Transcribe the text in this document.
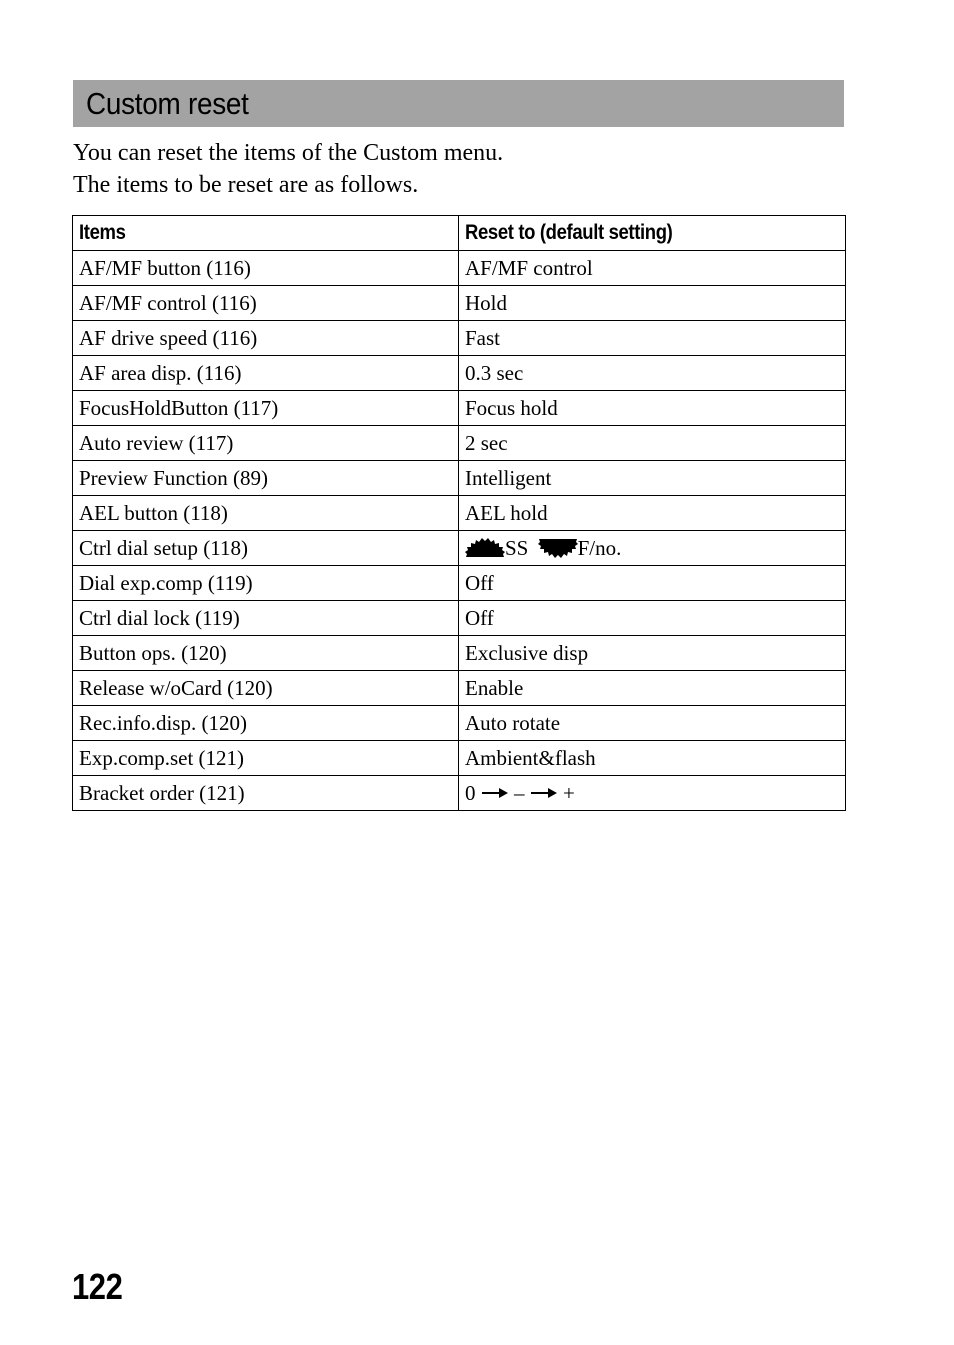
Custom reset

You can reset the items of the Custom menu.

The items to be reset are as follows.

Items	Reset to (default setting)
AF/MF button (116)	AF/MF control
AF/MF control (116)	Hold
AF drive speed (116)	Fast
AF area disp. (116)	0.3 sec
FocusHoldButton (117)	Focus hold
Auto review (117)	2 sec
Preview Function (89)	Intelligent
AEL button (118)	AEL hold
Ctrl dial setup (118)	SS F/no.
Dial exp.comp (119)	Off
Ctrl dial lock (119)	Off
Button ops. (120)	Exclusive disp
Release w/oCard (120)	Enable
Rec.info.disp. (120)	Auto rotate
Exp.comp.set (121)	Ambient&flash
Bracket order (121)	0 – +
122
